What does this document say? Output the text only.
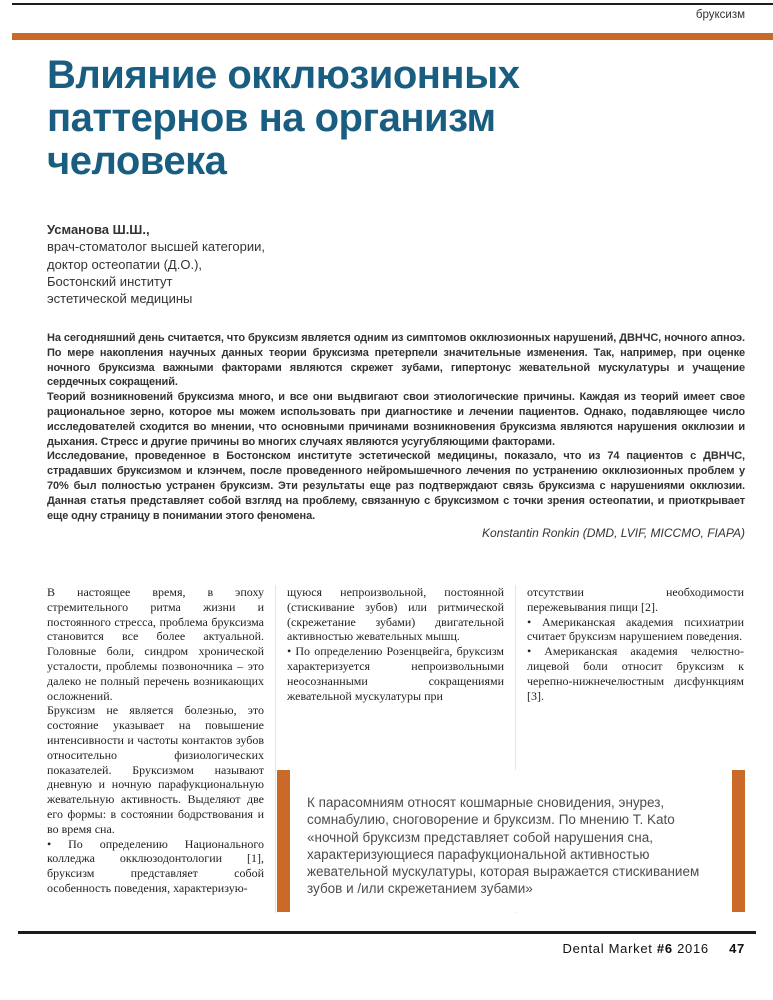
бруксизм
Влияние окклюзионных паттернов на организм человека
Усманова Ш.Ш.,
врач-стоматолог высшей категории,
доктор остеопатии (Д.О.),
Бостонский институт
эстетической медицины

На сегодняшний день считается, что бруксизм является одним из симптомов окклюзионных нарушений, ДВНЧС, ночного апноэ. По мере накопления научных данных теории бруксизма претерпели значительные изменения. Так, например, при оценке ночного бруксизма важными факторами являются скрежет зубами, гипертонус жевательной мускулатуры и учащение сердечных сокращений.

Теорий возникновений бруксизма много, и все они выдвигают свои этиологические причины. Каждая из теорий имеет свое рациональное зерно, которое мы можем использовать при диагностике и лечении пациентов. Однако, подавляющее число исследователей сходится во мнении, что основными причинами возникновения бруксизма являются нарушения окклюзии и дыхания. Стресс и другие причины во многих случаях являются усугубляющими факторами.

Исследование, проведенное в Бостонском институте эстетической медицины, показало, что из 74 пациентов с ДВНЧС, страдавших бруксизмом и клэнчем, после проведенного нейромышечного лечения по устранению окклюзионных проблем у 70% был полностью устранен бруксизм. Эти результаты еще раз подтверждают связь бруксизма с нарушениями окклюзии. Данная статья представляет собой взгляд на проблему, связанную с бруксизмом с точки зрения остеопатии, и приоткрывает еще одну страницу в понимании этого феномена.

Konstantin Ronkin (DMD, LVIF, MICCMO, FIAPA)

В настоящее время, в эпоху стремительного ритма жизни и постоянного стресса, проблема бруксизма становится все более актуальной. Головные боли, синдром хронической усталости, проблемы позвоночника – это далеко не полный перечень возникающих осложнений.

Бруксизм не является болезнью, это состояние указывает на повышение интенсивности и частоты контактов зубов относительно физиологических показателей. Бруксизмом называют дневную и ночную парафукциональную жевательную активность. Выделяют две его формы: в состоянии бодрствования и во время сна.

• По определению Национального колледжа окклюзодонтологии [1], бруксизм представляет собой особенность поведения, характеризую-

щуюся непроизвольной, постоянной (стискивание зубов) или ритмической (скрежетание зубами) двигательной активностью жевательных мышц.

• По определению Розенцвейга, бруксизм характеризуется непроизвольными неосознанными сокращениями жевательной мускулатуры при

отсутствии необходимости пережевывания пищи [2].

• Американская академия психиатрии считает бруксизм нарушением поведения.

• Американская академия челюстно-лицевой боли относит бруксизм к черепно-нижнечелюстным дисфункциям [3].

К парасомниям относят кошмарные сновидения, энурез, сомнабулию, сноговорение и бруксизм. По мнению Т. Kato «ночной бруксизм представляет собой нарушения сна, характеризующиеся парафукциональной активностью жевательной мускулатуры, которая выражается стискиванием зубов и /или скрежетанием зубами»
Dental Market #6 2016 47
